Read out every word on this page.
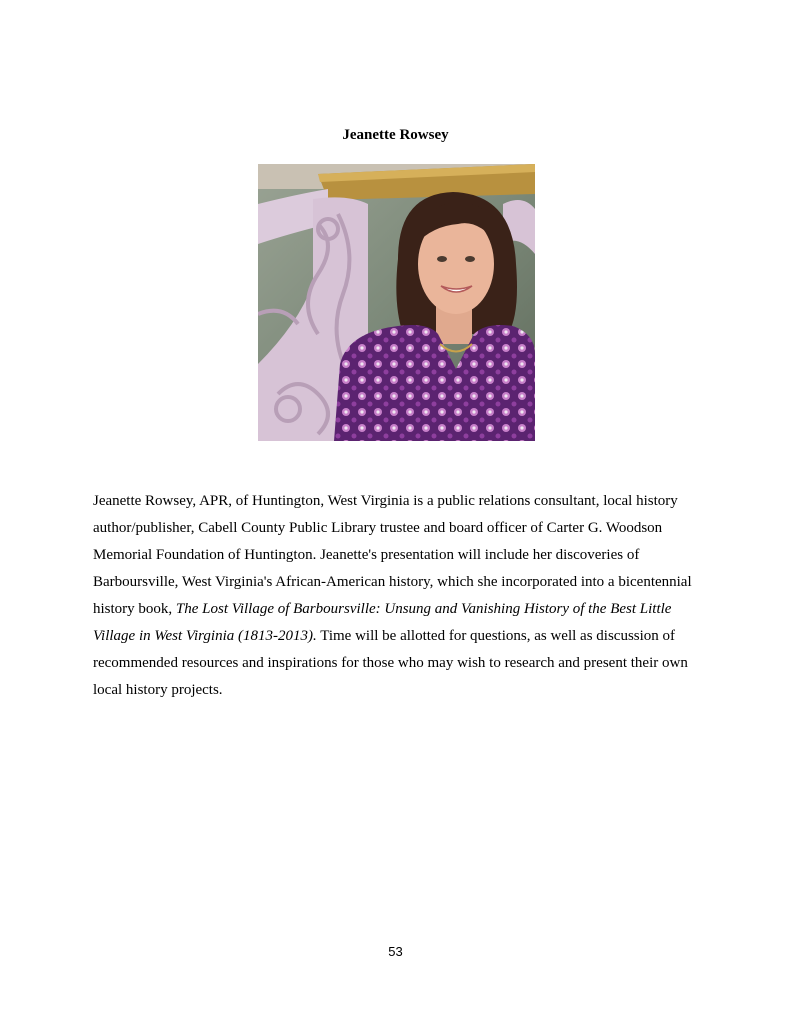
Jeanette Rowsey

Jeanette Rowsey, APR, of Huntington, West Virginia is a public relations consultant, local history author/publisher, Cabell County Public Library trustee and board officer of Carter G. Woodson Memorial Foundation of Huntington. Jeanette's presentation will include her discoveries of Barboursville, West Virginia's African-American history, which she incorporated into a bicentennial history book, The Lost Village of Barboursville: Unsung and Vanishing History of the Best Little Village in West Virginia (1813-2013). Time will be allotted for questions, as well as discussion of recommended resources and inspirations for those who may wish to research and present their own local history projects.

53
